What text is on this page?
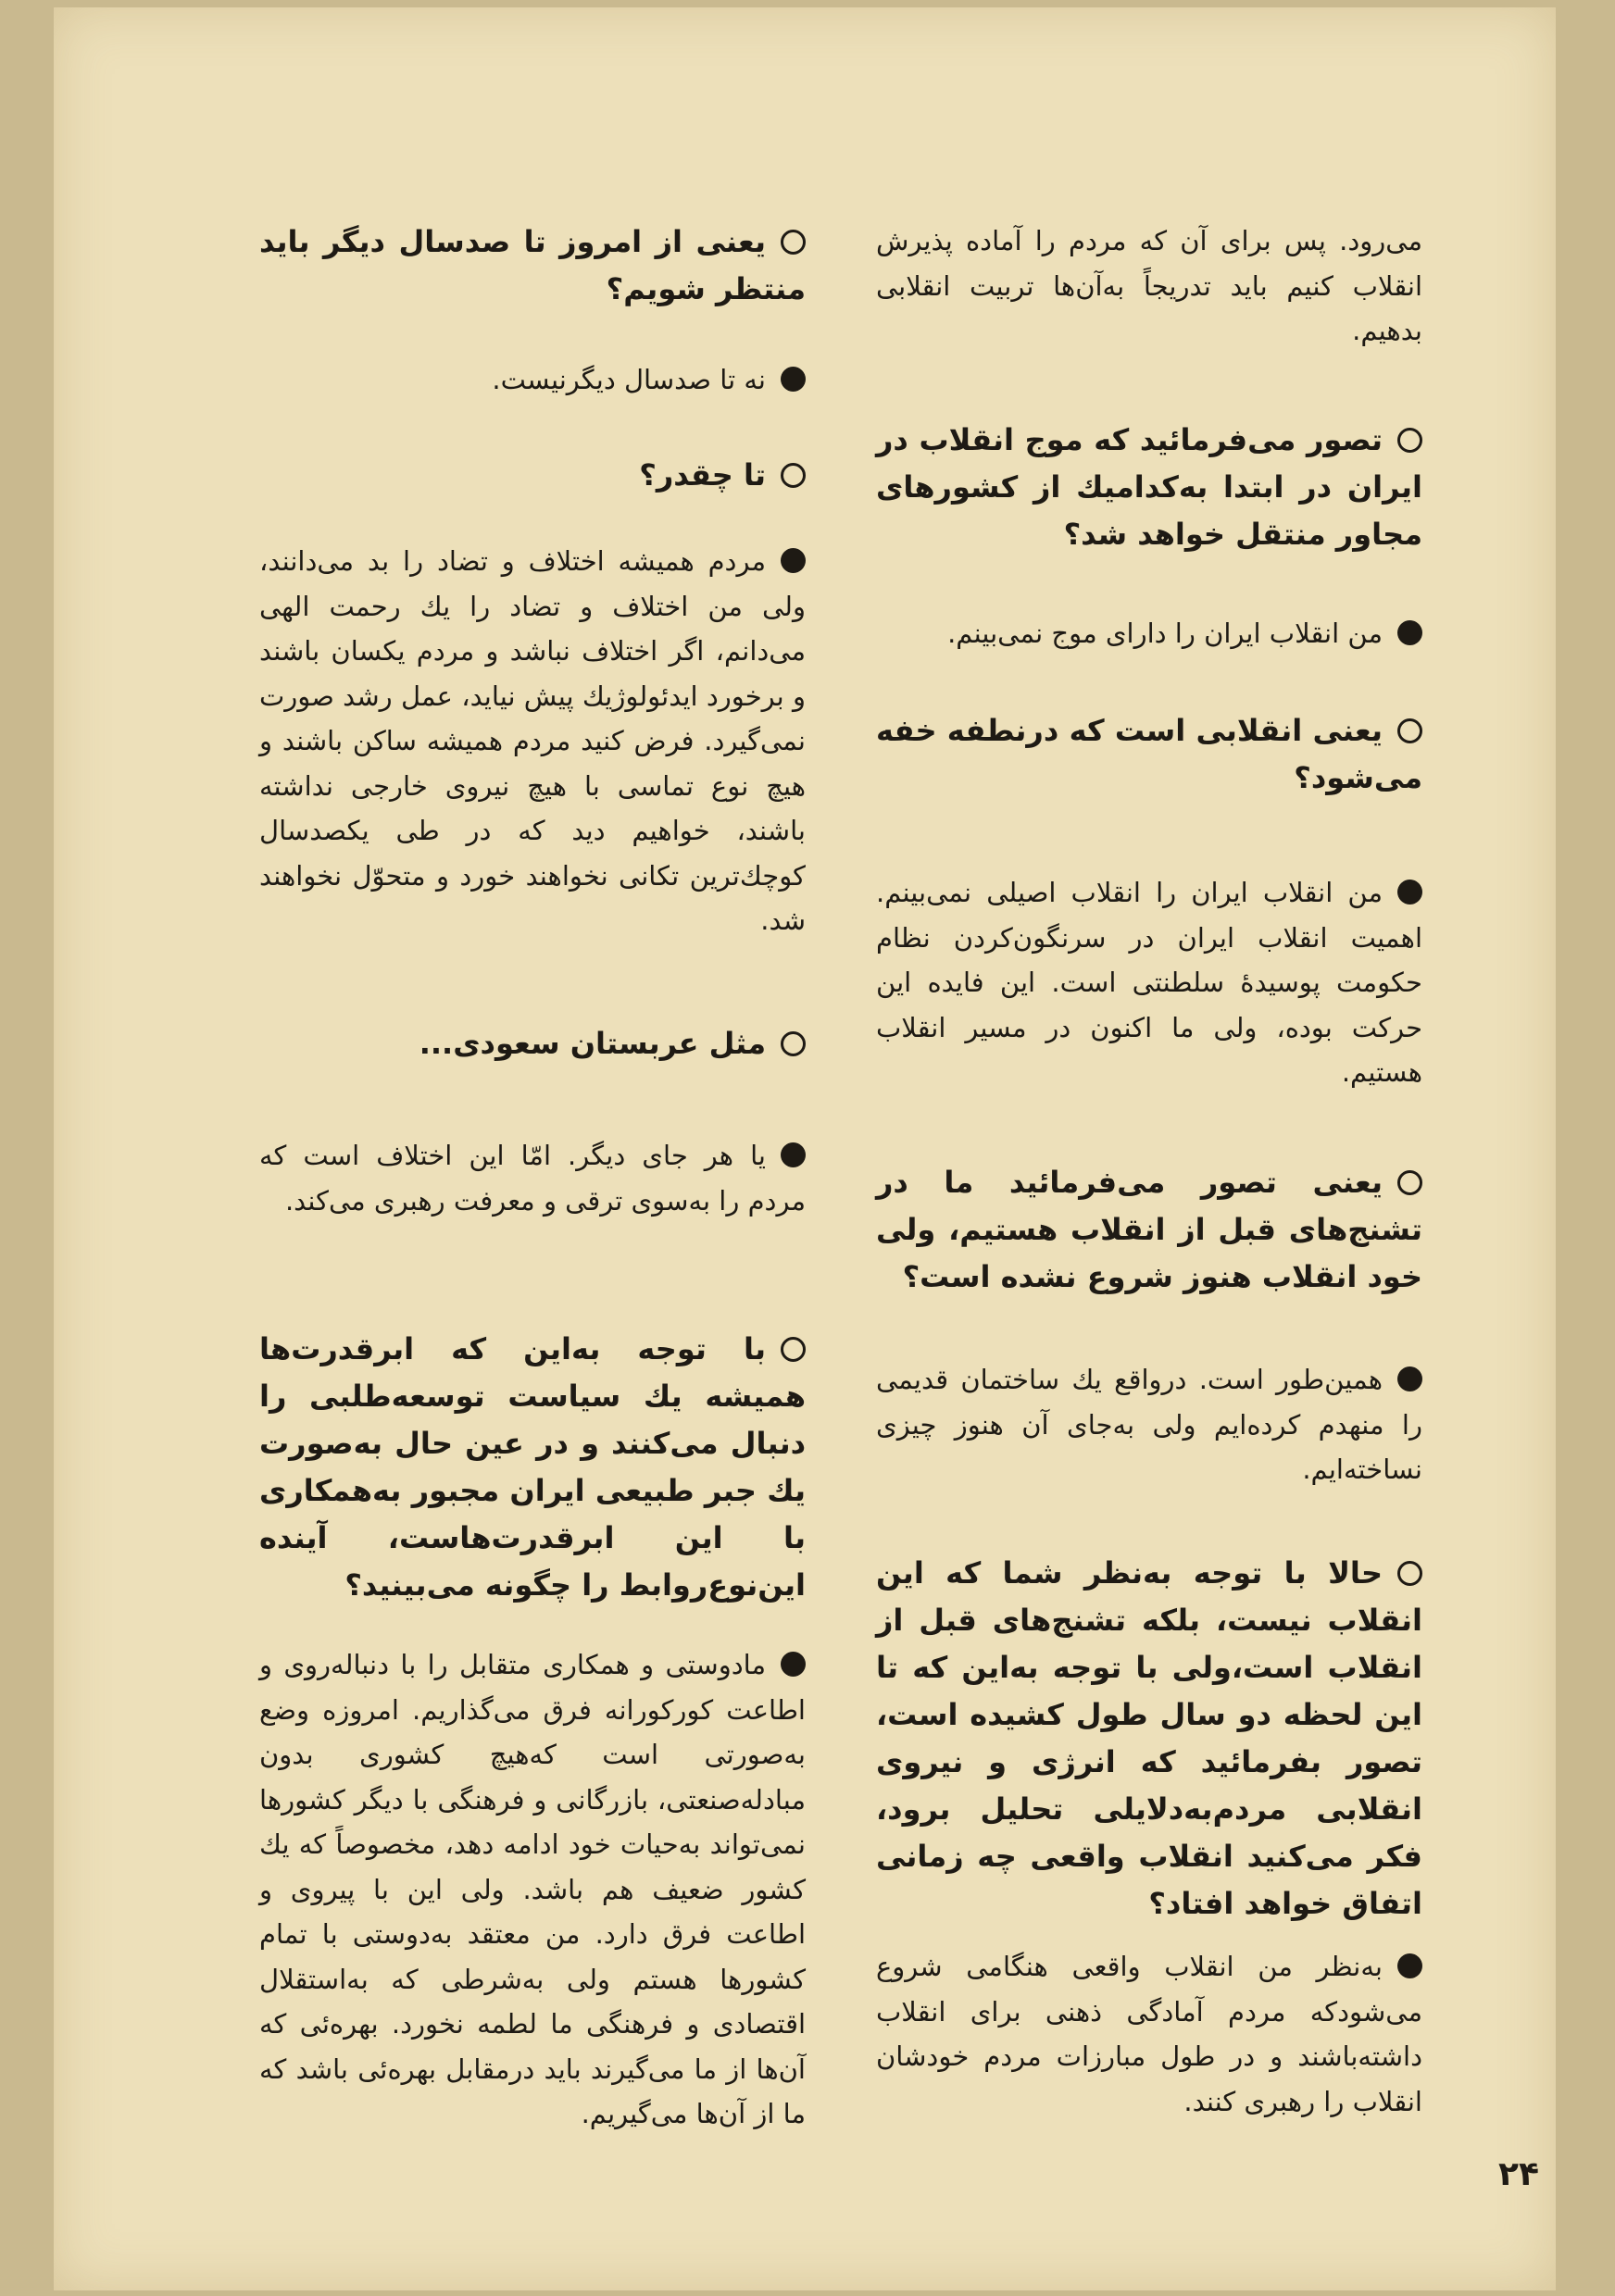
می‌رود. پس برای آن که مردم را آماده پذیرش انقلاب کنیم باید تدریجاً به‌آن‌ها تربیت انقلابی بدهیم.
تصور می‌فرمائید که موج انقلاب در ایران در ابتدا به‌کدامیك از کشورهای مجاور منتقل خواهد شد؟
من انقلاب ایران را دارای موج نمی‌بینم.
یعنی انقلابی است که درنطفه خفه می‌شود؟
من انقلاب ایران را انقلاب اصیلی نمی‌بینم. اهمیت انقلاب ایران در سرنگون‌کردن نظام حکومت پوسیدهٔ سلطنتی است. این فایده این حرکت بوده، ولی ما اکنون در مسیر انقلاب هستیم.
یعنی تصور می‌فرمائید ما در تشنج‌های قبل از انقلاب هستیم، ولی خود انقلاب هنوز شروع نشده است؟
همین‌طور است. درواقع یك ساختمان قدیمی را منهدم کرده‌ایم ولی به‌جای آن هنوز چیزی نساخته‌ایم.
حالا با توجه به‌نظر شما که این انقلاب نیست، بلکه تشنج‌های قبل از انقلاب است،ولی با توجه به‌این که تا این لحظه دو سال طول کشیده است، تصور بفرمائید که انرژی و نیروی انقلابی مردم‌به‌دلایلی تحلیل برود، فکر می‌کنید انقلاب واقعی چه زمانی اتفاق خواهد افتاد؟
به‌نظر من انقلاب واقعی هنگامی شروع می‌شودکه مردم آمادگی ذهنی برای انقلاب داشته‌باشند و در طول مبارزات مردم خودشان انقلاب را رهبری کنند.
یعنی از امروز تا صدسال دیگر باید منتظر شویم؟
نه تا صدسال دیگرنیست.
تا چقدر؟
مردم همیشه اختلاف و تضاد را بد می‌دانند، ولی من اختلاف و تضاد را یك رحمت الهی می‌دانم، اگر اختلاف نباشد و مردم یکسان باشند و برخورد ایدئولوژیك پیش نیاید، عمل رشد صورت نمی‌گیرد. فرض کنید مردم همیشه ساکن باشند و هیچ نوع تماسی با هیچ نیروی خارجی نداشته باشند، خواهیم دید که در طی یکصدسال کوچك‌ترین تکانی نخواهند خورد و متحوّل نخواهند شد.
مثل عربستان سعودی...
یا هر جای دیگر. امّا این اختلاف است که مردم را به‌سوی ترقی و معرفت رهبری می‌کند.
با توجه به‌این که ابرقدرت‌ها همیشه یك سیاست توسعه‌طلبی را دنبال می‌کنند و در عین حال به‌صورت یك جبر طبیعی ایران مجبور به‌همکاری با این ابرقدرت‌هاست، آینده این‌نوع‌روابط را چگونه می‌بینید؟
مادوستی و همکاری متقابل را با دنباله‌روی و اطاعت کورکورانه فرق می‌گذاریم. امروزه وضع به‌صورتی است که‌هیچ کشوری بدون مبادله‌صنعتی، بازرگانی و فرهنگی با دیگر کشورها نمی‌تواند به‌حیات خود ادامه دهد، مخصوصاً که یك کشور ضعیف هم باشد. ولی این با پیروی و اطاعت فرق دارد. من معتقد به‌دوستی با تمام کشورها هستم ولی به‌شرطی که به‌استقلال اقتصادی و فرهنگی ما لطمه نخورد. بهره‌ئی که آن‌ها از ما می‌گیرند باید درمقابل بهره‌ئی باشد که ما از آن‌ها می‌گیریم.
۲۴
